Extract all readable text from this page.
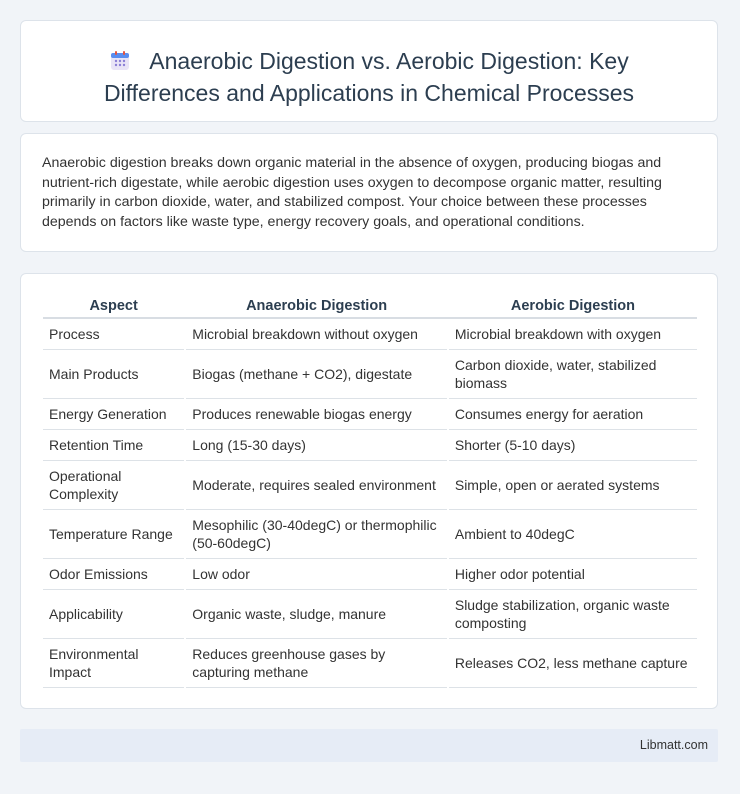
Anaerobic Digestion vs. Aerobic Digestion: Key Differences and Applications in Chemical Processes

Anaerobic digestion breaks down organic material in the absence of oxygen, producing biogas and nutrient-rich digestate, while aerobic digestion uses oxygen to decompose organic matter, resulting primarily in carbon dioxide, water, and stabilized compost. Your choice between these processes depends on factors like waste type, energy recovery goals, and operational conditions.

Aspect	Anaerobic Digestion	Aerobic Digestion
Process	Microbial breakdown without oxygen	Microbial breakdown with oxygen
Main Products	Biogas (methane + CO2), digestate	Carbon dioxide, water, stabilized biomass
Energy Generation	Produces renewable biogas energy	Consumes energy for aeration
Retention Time	Long (15-30 days)	Shorter (5-10 days)
Operational Complexity	Moderate, requires sealed environment	Simple, open or aerated systems
Temperature Range	Mesophilic (30-40degC) or thermophilic (50-60degC)	Ambient to 40degC
Odor Emissions	Low odor	Higher odor potential
Applicability	Organic waste, sludge, manure	Sludge stabilization, organic waste composting
Environmental Impact	Reduces greenhouse gases by capturing methane	Releases CO2, less methane capture
Libmatt.com
